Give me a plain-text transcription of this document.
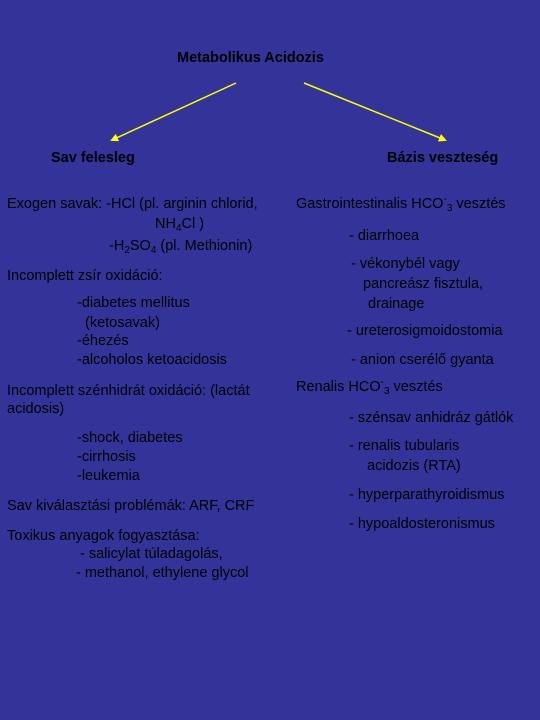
Metabolikus Acidozis
Sav felesleg	Bázis veszteség
Exogen savak: -HCl (pl. arginin chlorid,
$NH_4Cl$ )
$-H_2SO_4$ (pl. Methionin)
Incomplett zsír oxidáció:
-diabetes mellitus
(ketosavak)
-éhezés
-alcoholos ketoacidosis
Incomplett szénhidrát oxidáció: (lactát
acidosis)
-shock, diabetes
-cirrhosis
-leukemia
Sav kiválasztási problémák: ARF, CRF
Toxikus anyagok fogyasztása:
- salicylat túladagolás,
- methanol, ethylene glycol
Gastrointestinalis $HCO^-_3$ vesztés
- diarrhoea
- vékonybél vagy
pancreász fisztula,
drainage
- ureterosigmoidostomia
- anion cserélő gyanta
Renalis $HCO^-_3$ vesztés
- szénsav anhidráz gátlók
- renalis tubularis
acidozis (RTA)
- hyperparathyroidismus
- hypoaldosteronismus
